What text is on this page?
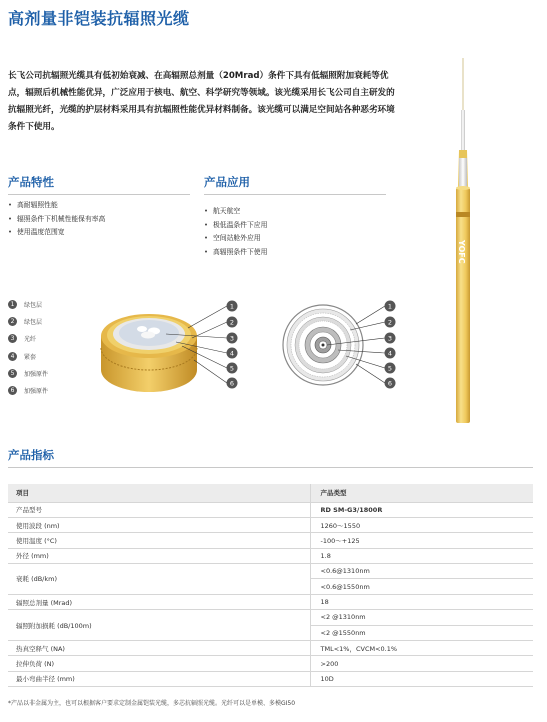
高剂量非铠装抗辐照光缆

长飞公司抗辐照光缆具有低初始衰减、在高辐照总剂量（20Mrad）条件下具有低辐照附加衰耗等优点，辐照后机械性能优异，广泛应用于核电、航空、科学研究等领域。该光缆采用长飞公司自主研发的抗辐照光纤，光缆的护层材料采用具有抗辐照性能优异材料制备。该光缆可以满足空间站各种恶劣环境条件下使用。

YOFC
产品特性
• 高耐辐照性能
• 辐照条件下机械性能保有率高
• 使用温度范围宽
产品应用
• 航天航空
• 极低温条件下应用
• 空间站舱外应用
• 高辐照条件下使用
1	绿包层
2	绿包层
3	光纤
4	紧套
5	加强原件
6	加强原件
1
2
3
4
5
6
1
2
3
4
5
6
产品指标
项目	产品类型
产品型号	RD SM-G3/1800R
使用波段 (nm)	1260～1550
使用温度 (°C)	-100～+125
外径 (mm)	1.8
衰耗 (dB/km)	<0.6@1310nm
	<0.6@1550nm
辐照总剂量 (Mrad)	18
辐照附加损耗 (dB/100m)	<2 @1310nm
	<2 @1550nm
热真空释气 (NA)	TML<1%，CVCM<0.1%
拉伸负荷 (N)	>200
最小弯曲半径 (mm)	10D
*产品以非金属为主，也可以根据客户要求定制金属铠装光缆，多芯抗辐照光缆。光纤可以是单模、多模GI50
